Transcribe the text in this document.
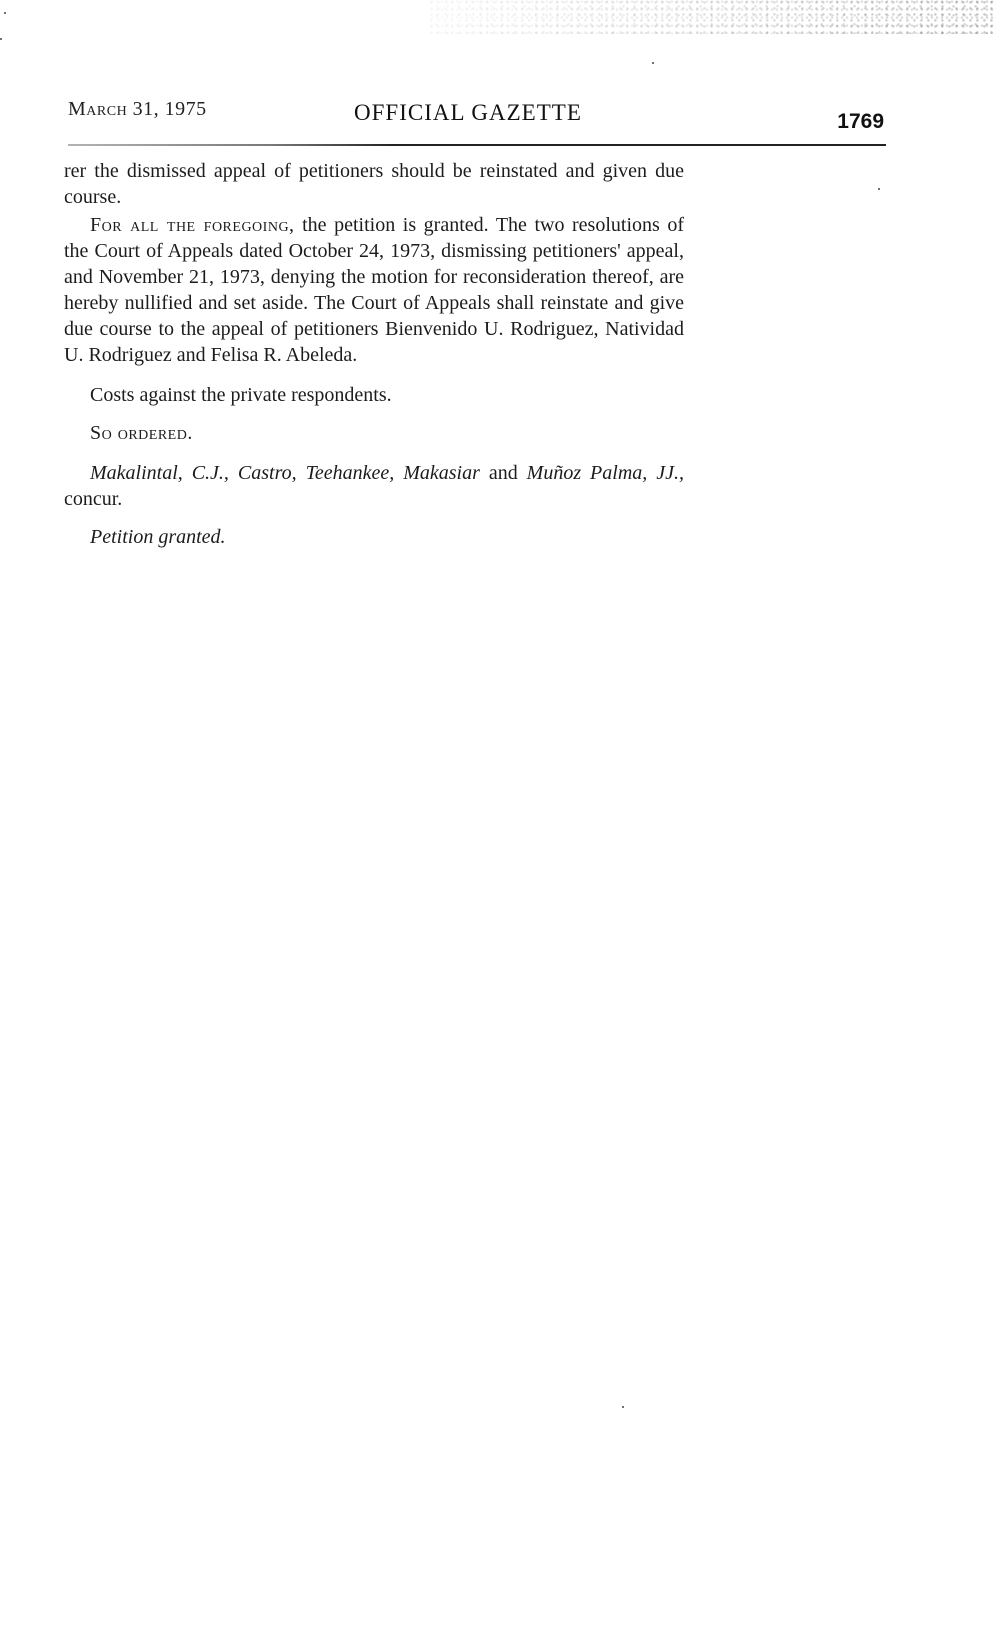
March 31, 1975	OFFICIAL GAZETTE	1769

rer the dismissed appeal of petitioners should be reinstated and given due course.

For all the foregoing, the petition is granted. The two resolutions of the Court of Appeals dated October 24, 1973, dismissing petitioners' appeal, and November 21, 1973, denying the motion for reconsideration thereof, are hereby nullified and set aside. The Court of Appeals shall reinstate and give due course to the appeal of petitioners Bienvenido U. Rodriguez, Natividad U. Rodriguez and Felisa R. Abeleda.

Costs against the private respondents.

So ordered.

Makalintal, C.J., Castro, Teehankee, Makasiar and Muñoz Palma, JJ., concur.

Petition granted.
